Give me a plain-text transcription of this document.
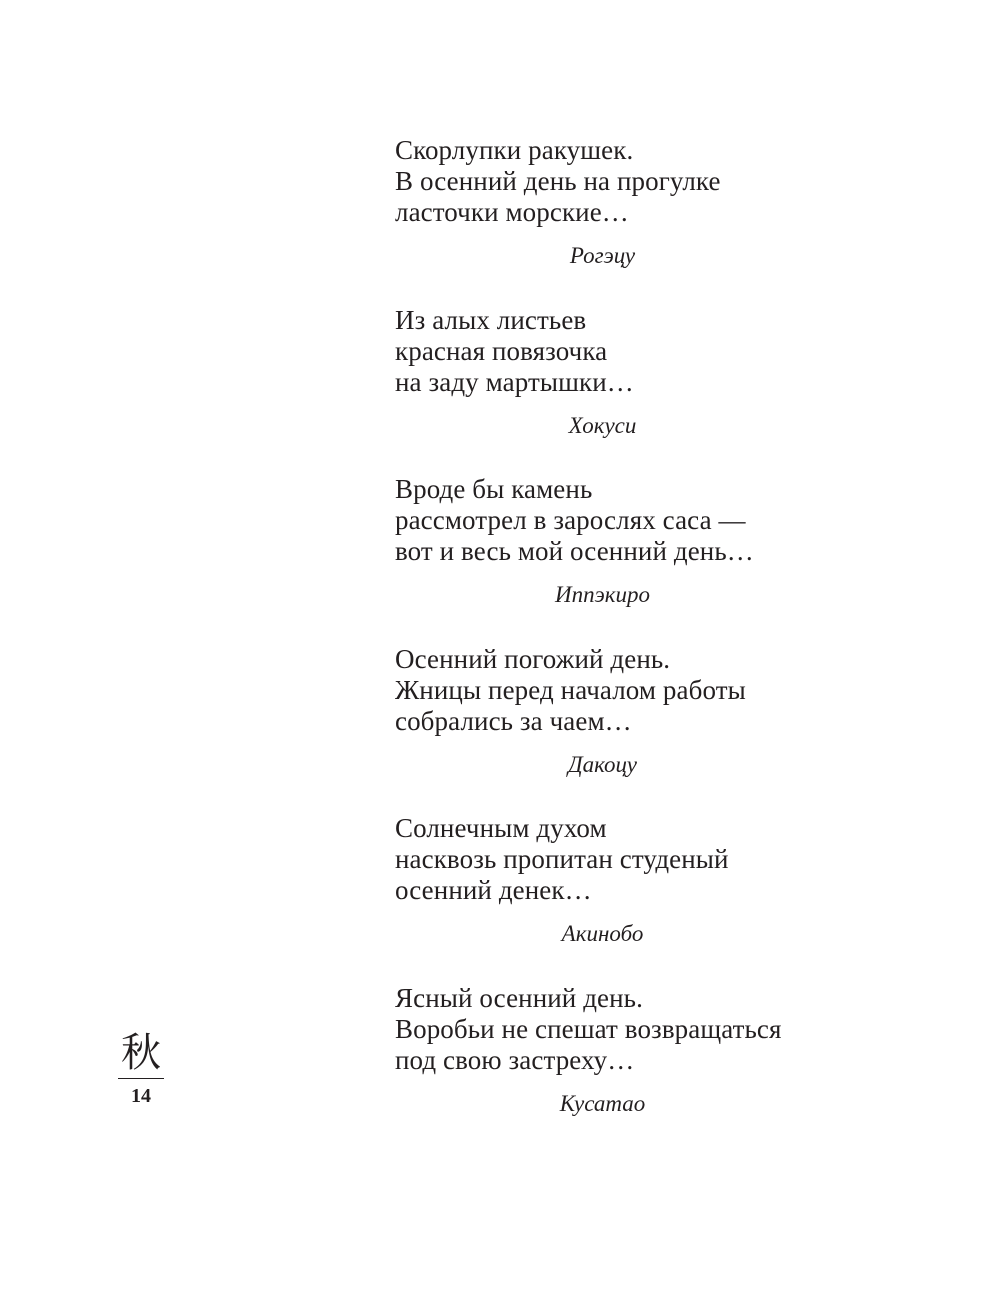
Скорлупки ракушек.
В осенний день на прогулке
ласточки морские…
Рогэцу
Из алых листьев
красная повязочка
на заду мартышки…
Хокуси
Вроде бы камень
рассмотрел в зарослях саса —
вот и весь мой осенний день…
Иппэкиро
Осенний погожий день.
Жницы перед началом работы
собрались за чаем…
Дакоцу
Солнечным духом
насквозь пропитан студеный
осенний денек…
Акинобо
Ясный осенний день.
Воробьи не спешат возвращаться
под свою застреху…
Кусатао
秋
14
